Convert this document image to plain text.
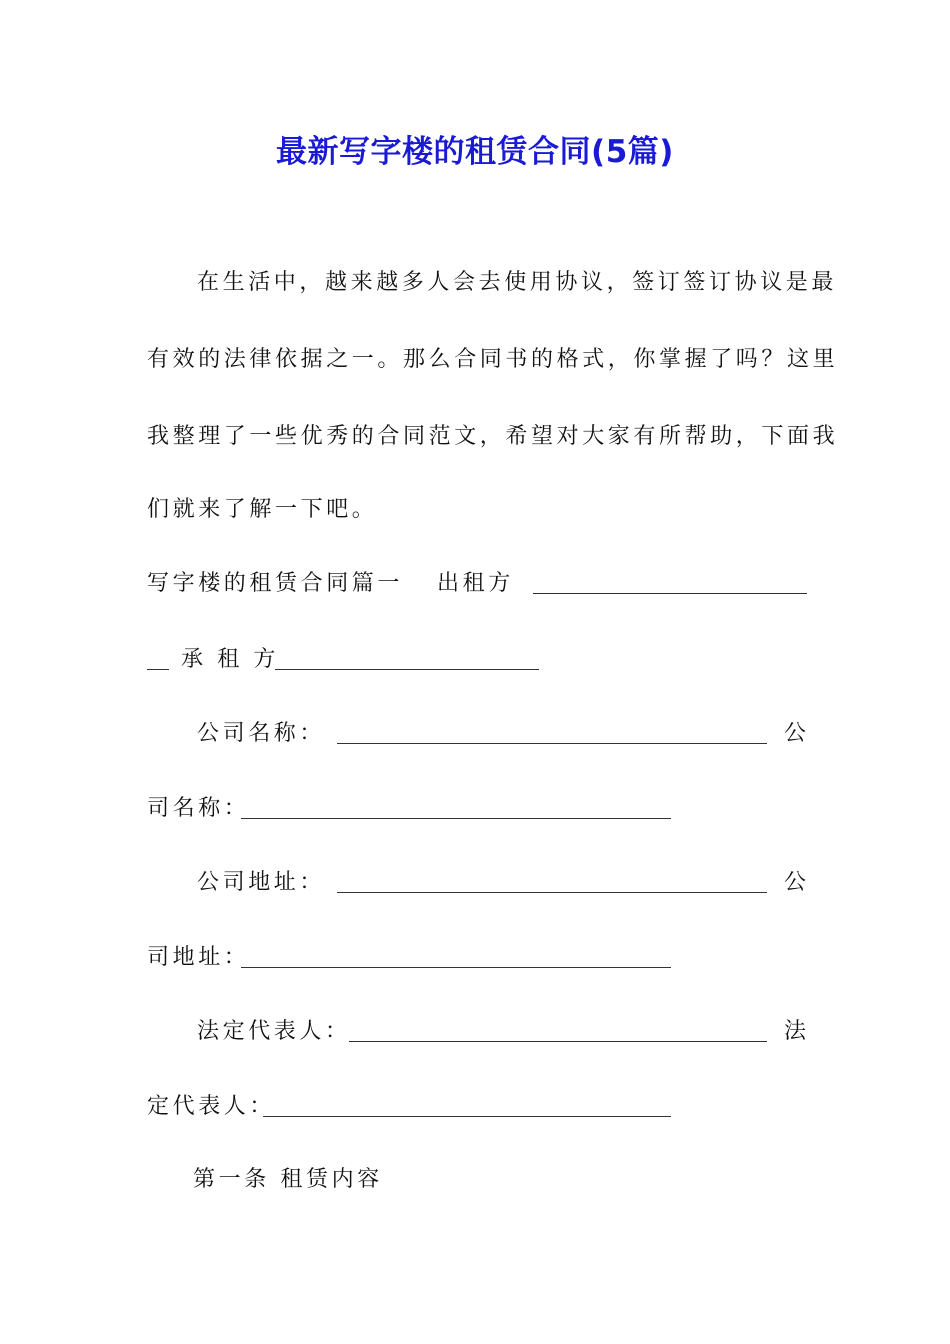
最新写字楼的租赁合同(5篇)
在生活中，越来越多人会去使用协议，签订签订协议是最
有效的法律依据之一。那么合同书的格式，你掌握了吗？这里
我整理了一些优秀的合同范文，希望对大家有所帮助，下面我
们就来了解一下吧。
写字楼的租赁合同篇一 出租方
承 租 方
公司名称：	公
司名称：
公司地址：	公
司地址：
法定代表人：	法
定代表人：
第一条 租赁内容
